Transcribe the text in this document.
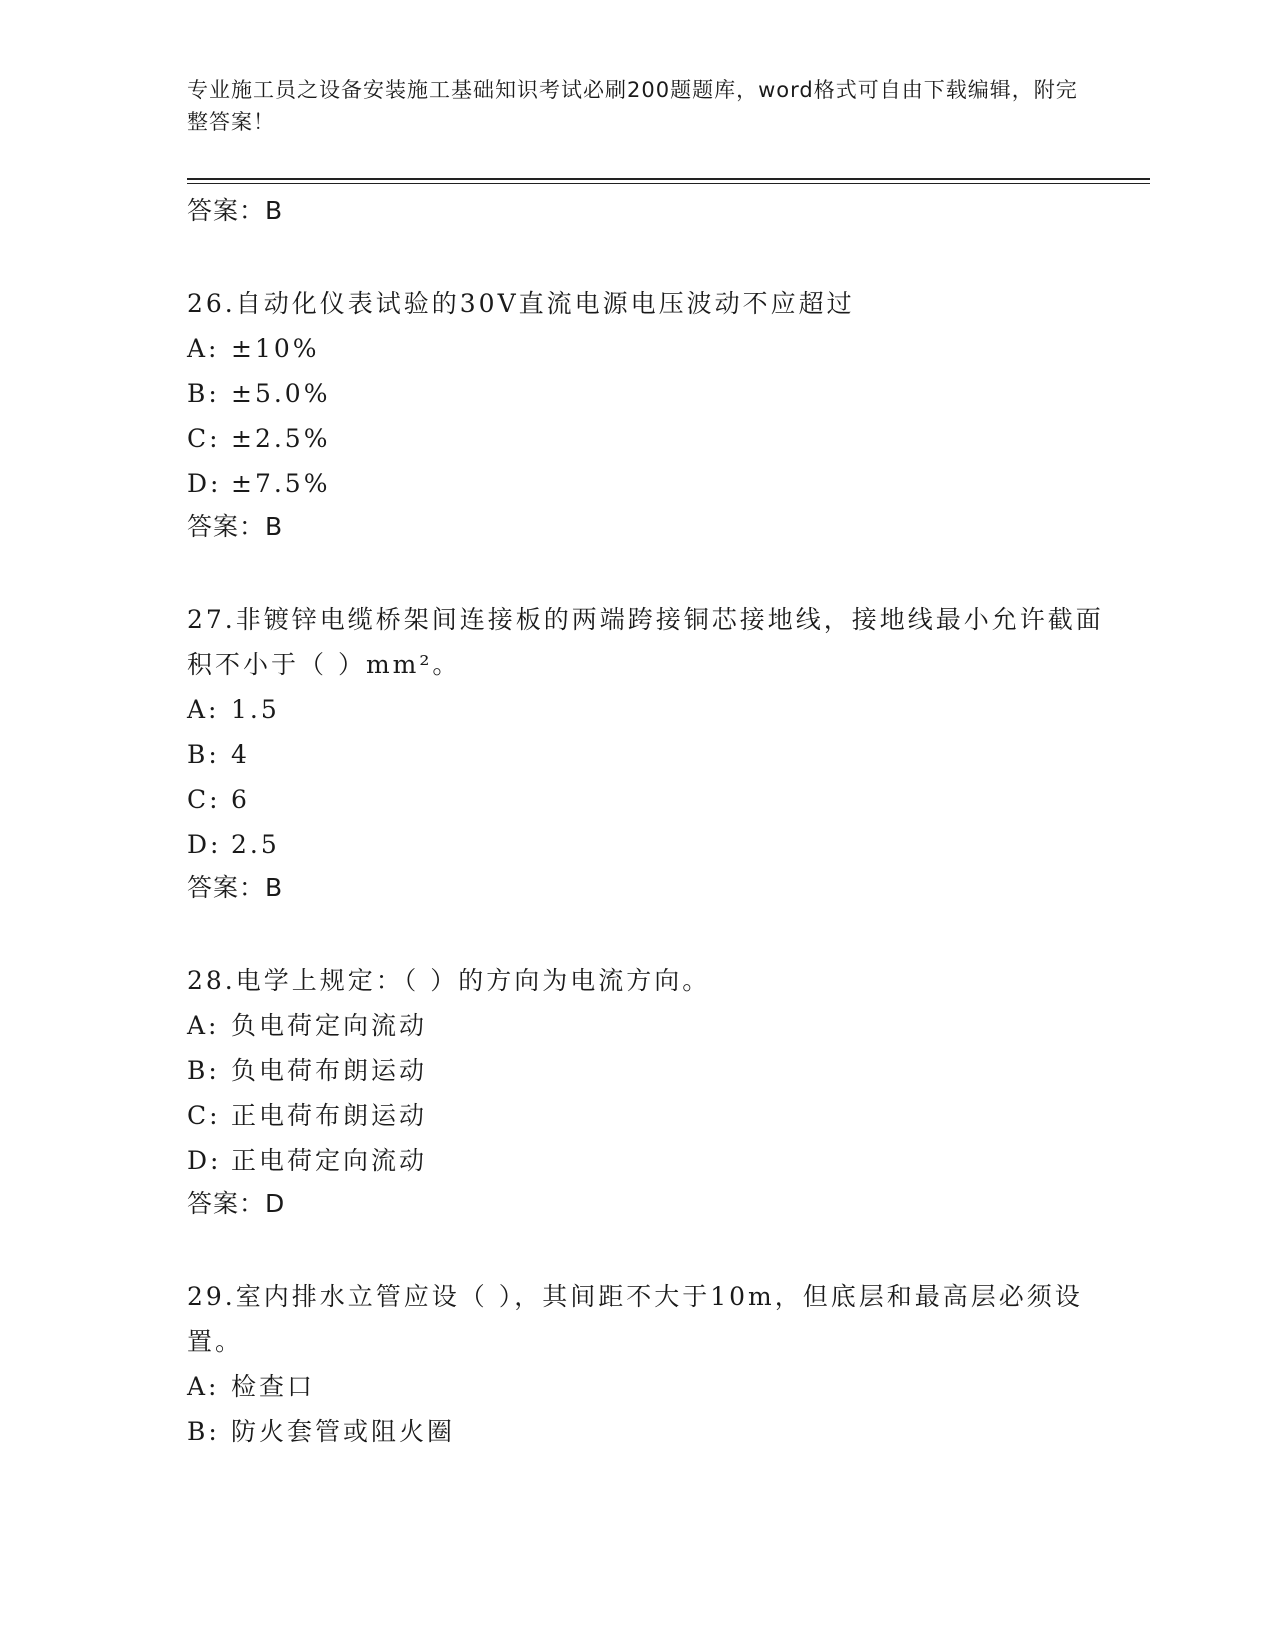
专业施工员之设备安装施工基础知识考试必刷200题题库，word格式可自由下载编辑，附完整答案！
答案：B
26.自动化仪表试验的30V直流电源电压波动不应超过
A: ±10%
B: ±5.0%
C: ±2.5%
D: ±7.5%
答案：B
27.非镀锌电缆桥架间连接板的两端跨接铜芯接地线，接地线最小允许截面积不小于（ ）mm²。
A: 1.5
B: 4
C: 6
D: 2.5
答案：B
28.电学上规定：（ ）的方向为电流方向。
A: 负电荷定向流动
B: 负电荷布朗运动
C: 正电荷布朗运动
D: 正电荷定向流动
答案：D
29.室内排水立管应设（ ），其间距不大于10m，但底层和最高层必须设置。
A: 检查口
B: 防火套管或阻火圈
